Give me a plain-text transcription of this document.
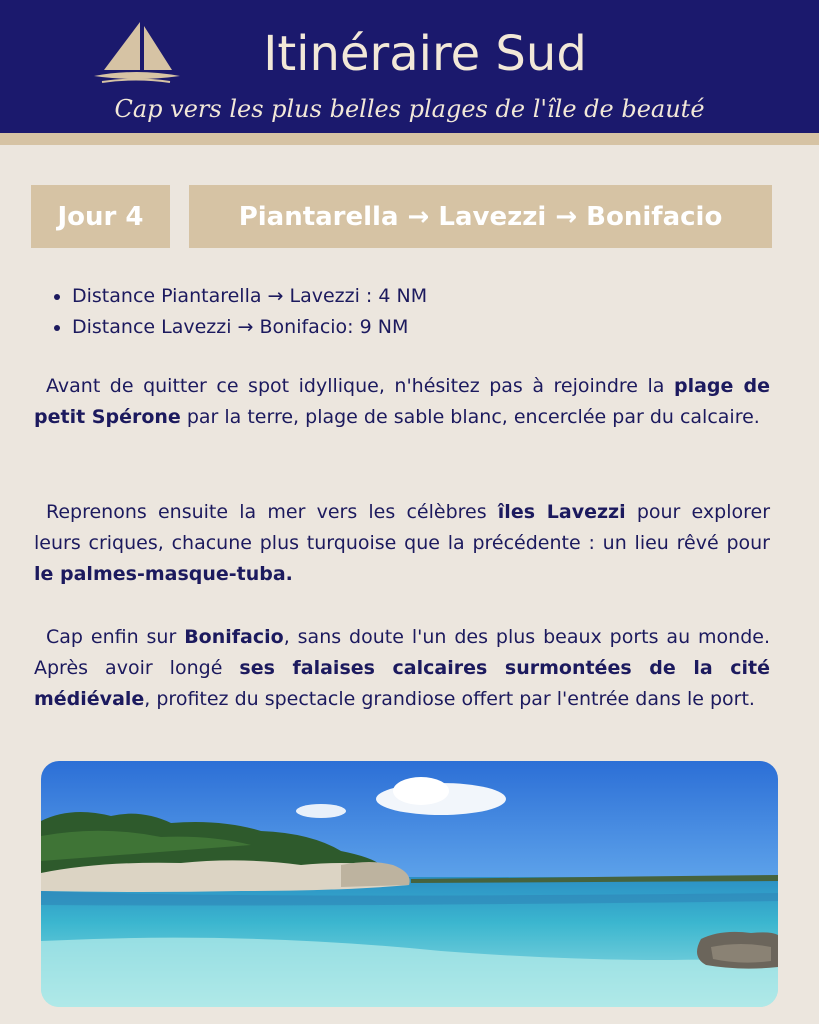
Itinéraire Sud
Cap vers les plus belles plages de l'île de beauté
Jour 4	Piantarella → Lavezzi → Bonifacio
• Distance Piantarella → Lavezzi : 4 NM
• Distance Lavezzi → Bonifacio: 9 NM

Avant de quitter ce spot idyllique, n'hésitez pas à rejoindre la plage de petit Spérone par la terre, plage de sable blanc, encerclée par du calcaire.

Reprenons ensuite la mer vers les célèbres îles Lavezzi pour explorer leurs criques, chacune plus turquoise que la précédente : un lieu rêvé pour le palmes-masque-tuba.

Cap enfin sur Bonifacio, sans doute l'un des plus beaux ports au monde. Après avoir longé ses falaises calcaires surmontées de la cité médiévale, profitez du spectacle grandiose offert par l'entrée dans le port.
